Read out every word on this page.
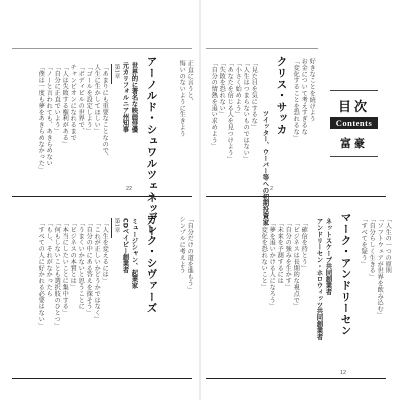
アーノルド・シュワルツェネッガー
世界的に著名な映画俳優
元カリフォルニア州知事
第1章
「あまりにも重要なことなので、
人生に生かしてほしい」
「ゴールを設定しよう」
「ボディビルの世界で、
チャンピオンになれるまで
「人は失敗する権利がある」
「自分に正直でいよう」
「ノーと言われても、あきらめない
「僕は一度も夢をあきらめなかった」	正直に言うと、
悔いのないように生きよう
22
デレク・シヴァーズ
ミュージシャン、起業家
CDベイビー創業者
第1章
「人生を変えるには」
「これが正しいかどうかではなく」
「自分の中にある答えを探そう」
「うまくいかないと思うことに
「ビジネスの本質とは」
「本当にしたいことに集中する」
「何もしないことも選択肢のひとつ」
「もし、それがなかったら
「すべての人に好かれる必要はない」	「自分だけの道を進もう」
シンプルに考えよう
目次
Contents
富豪
好きなことを続けよう
お金について考えすぎるな
「変化することを恐れるな」
クリス・サッカ
ツイッター、ウーバー等への初期投資家
「見た目を気にするな」
「人生はつまらないものではない」
「小さく始めよう」
「あなたを信じる人を見つけよう」
「失敗を恐れない」
「自分の情熱を追い求めよう」
2
「人生の一つの原則
「ソフトウェアが世界を飲み込む」
「自分らしく生きる」
「すべてを疑う」
マーク・アンドリーセン
ネットスケープ共同創業者
アンドリーセン・ホロウィッツ共同創業者
「確信を持とう」
「ビジネスは長期的な視点で」
「自分の強みを生かす」
「未来を予測するには
「夢を追いかける人になろう」
「変化を恐れないこと」
12
